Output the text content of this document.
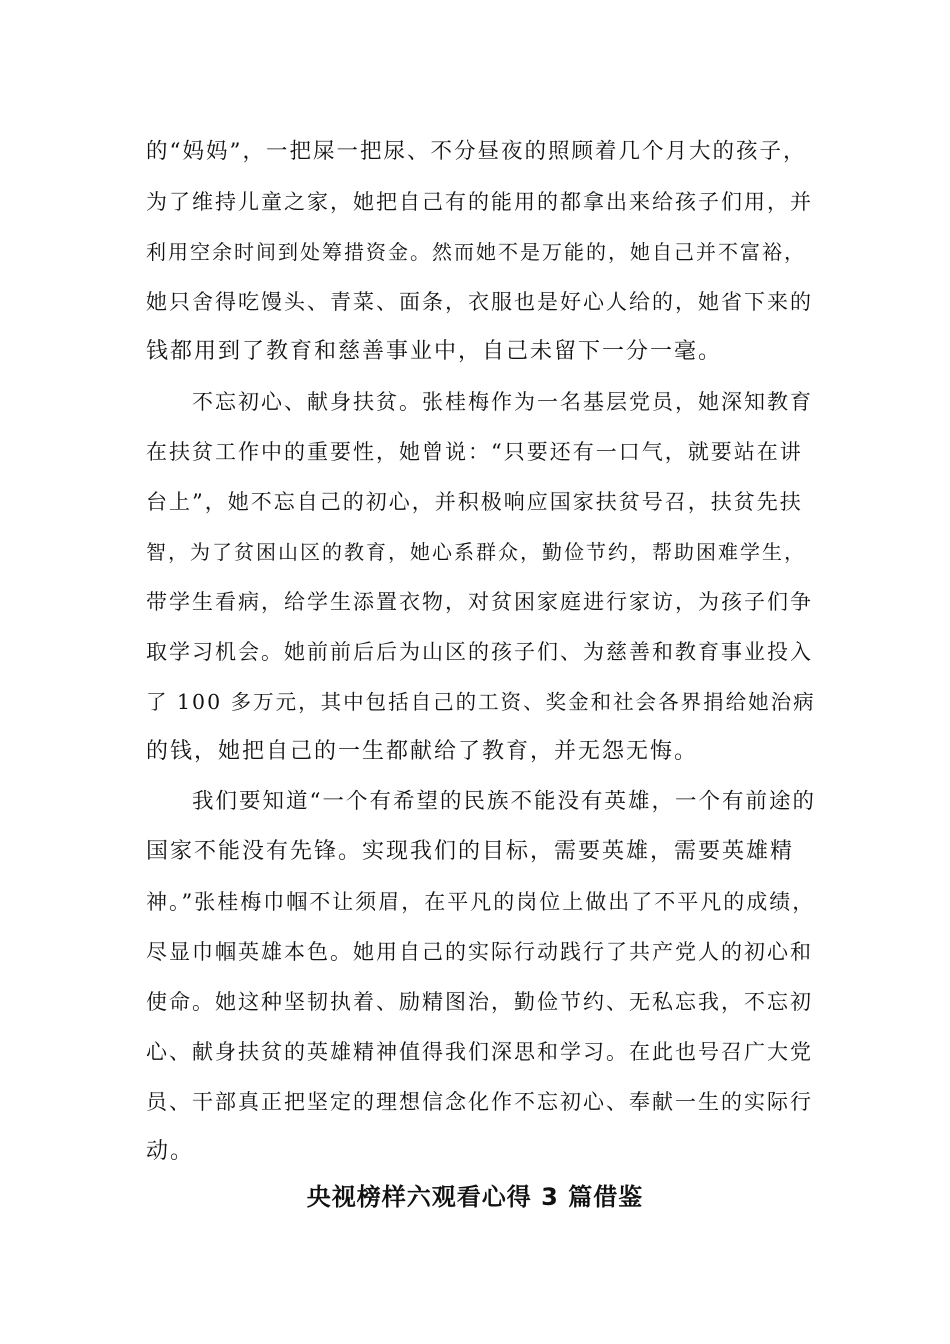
的“妈妈”，一把屎一把尿、不分昼夜的照顾着几个月大的孩子，
为了维持儿童之家，她把自己有的能用的都拿出来给孩子们用，并
利用空余时间到处筹措资金。然而她不是万能的，她自己并不富裕，
她只舍得吃馒头、青菜、面条，衣服也是好心人给的，她省下来的
钱都用到了教育和慈善事业中，自己未留下一分一毫。

不忘初心、献身扶贫。张桂梅作为一名基层党员，她深知教育
在扶贫工作中的重要性，她曾说：“只要还有一口气，就要站在讲
台上”，她不忘自己的初心，并积极响应国家扶贫号召，扶贫先扶
智，为了贫困山区的教育，她心系群众，勤俭节约，帮助困难学生，
带学生看病，给学生添置衣物，对贫困家庭进行家访，为孩子们争
取学习机会。她前前后后为山区的孩子们、为慈善和教育事业投入
了 100 多万元，其中包括自己的工资、奖金和社会各界捐给她治病
的钱，她把自己的一生都献给了教育，并无怨无悔。

我们要知道“一个有希望的民族不能没有英雄，一个有前途的
国家不能没有先锋。实现我们的目标，需要英雄，需要英雄精
神。”张桂梅巾帼不让须眉，在平凡的岗位上做出了不平凡的成绩，
尽显巾帼英雄本色。她用自己的实际行动践行了共产党人的初心和
使命。她这种坚韧执着、励精图治，勤俭节约、无私忘我，不忘初
心、献身扶贫的英雄精神值得我们深思和学习。在此也号召广大党
员、干部真正把坚定的理想信念化作不忘初心、奉献一生的实际行
动。

央视榜样六观看心得 3 篇借鉴
